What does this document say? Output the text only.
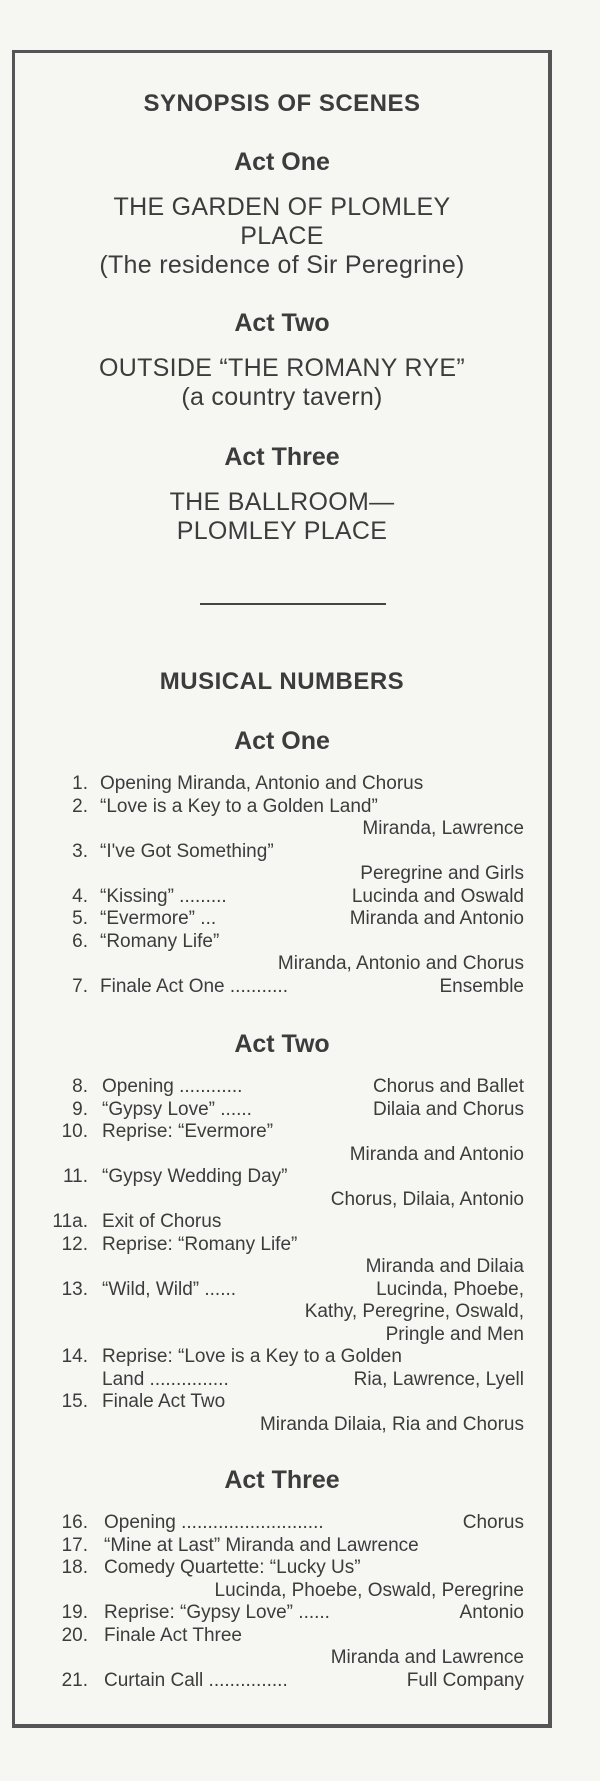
SYNOPSIS OF SCENES
Act One
THE GARDEN OF PLOMLEY
PLACE
(The residence of Sir Peregrine)
Act Two
OUTSIDE “THE ROMANY RYE”
(a country tavern)
Act Three
THE BALLROOM—
PLOMLEY PLACE
MUSICAL NUMBERS
Act One
1. Opening Miranda, Antonio and Chorus
2. “Love is a Key to a Golden Land”
Miranda, Lawrence
3. “I've Got Something”
Peregrine and Girls
4. “Kissing” .........	Lucinda and Oswald
5. “Evermore” ...	Miranda and Antonio
6. “Romany Life”
Miranda, Antonio and Chorus
7. Finale Act One ...........	Ensemble
Act Two
8. Opening ............	Chorus and Ballet
9. “Gypsy Love” ......	Dilaia and Chorus
10. Reprise: “Evermore”
Miranda and Antonio
11. “Gypsy Wedding Day”
Chorus, Dilaia, Antonio
11a. Exit of Chorus
12. Reprise: “Romany Life”
Miranda and Dilaia
13. “Wild, Wild” ......	Lucinda, Phoebe,
Kathy, Peregrine, Oswald,
Pringle and Men
14. Reprise: “Love is a Key to a Golden
Land ...............	Ria, Lawrence, Lyell
15. Finale Act Two
Miranda Dilaia, Ria and Chorus
Act Three
16. Opening ...........................	Chorus
17. “Mine at Last” Miranda and Lawrence
18. Comedy Quartette: “Lucky Us”
Lucinda, Phoebe, Oswald, Peregrine
19. Reprise: “Gypsy Love” ......	Antonio
20. Finale Act Three
Miranda and Lawrence
21. Curtain Call ...............	Full Company
